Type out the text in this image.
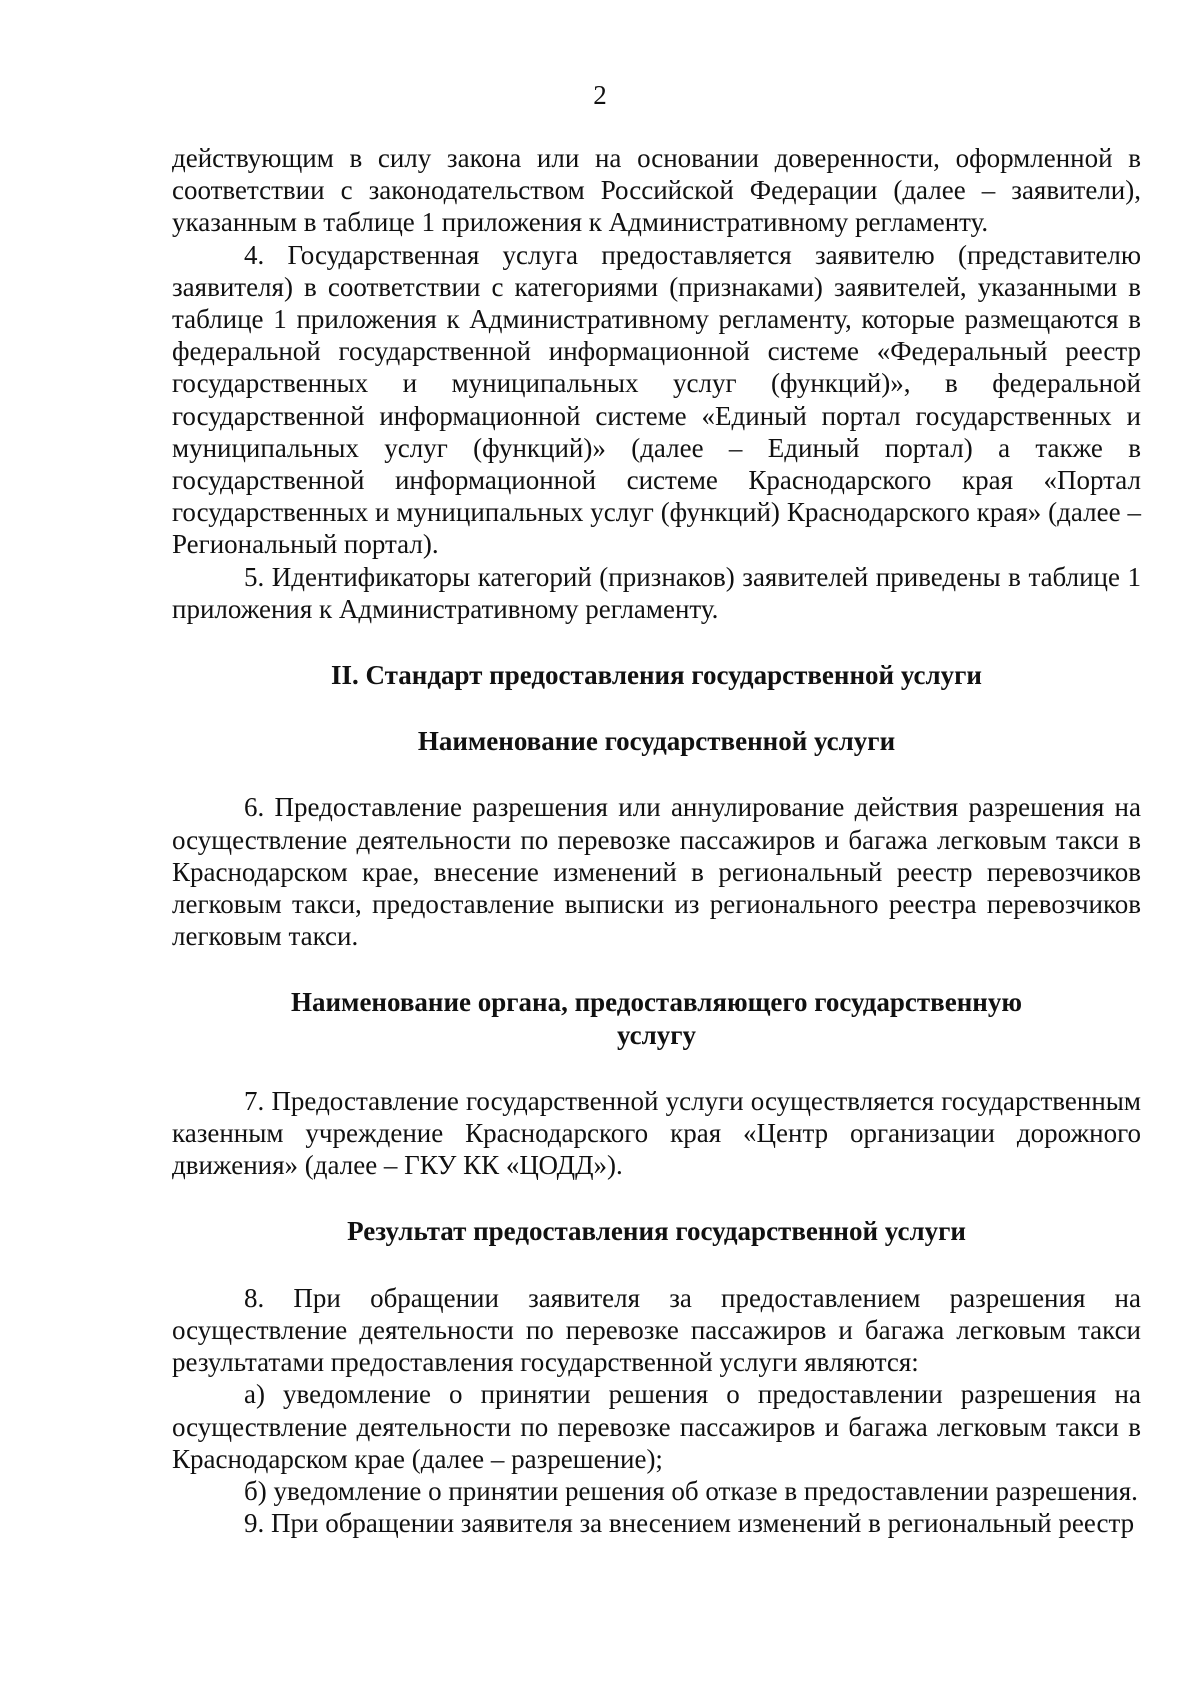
2

действующим в силу закона или на основании доверенности, оформленной в соответствии с законодательством Российской Федерации (далее – заявители), указанным в таблице 1 приложения к Административному регламенту.

4. Государственная услуга предоставляется заявителю (представителю заявителя) в соответствии с категориями (признаками) заявителей, указанными в таблице 1 приложения к Административному регламенту, которые размещаются в федеральной государственной информационной системе «Федеральный реестр государственных и муниципальных услуг (функций)», в федеральной государственной информационной системе «Единый портал государственных и муниципальных услуг (функций)» (далее – Единый портал) а также в государственной информационной системе Краснодарского края «Портал государственных и муниципальных услуг (функций) Краснодарского края» (далее – Региональный портал).

5. Идентификаторы категорий (признаков) заявителей приведены в таблице 1 приложения к Административному регламенту.

II. Стандарт предоставления государственной услуги

Наименование государственной услуги

6. Предоставление разрешения или аннулирование действия разрешения на осуществление деятельности по перевозке пассажиров и багажа легковым такси в Краснодарском крае, внесение изменений в региональный реестр перевозчиков легковым такси, предоставление выписки из регионального реестра перевозчиков легковым такси.

Наименование органа, предоставляющего государственную

услугу

7. Предоставление государственной услуги осуществляется государственным казенным учреждение Краснодарского края «Центр организации дорожного движения» (далее – ГКУ КК «ЦОДД»).

Результат предоставления государственной услуги

8. При обращении заявителя за предоставлением разрешения на осуществление деятельности по перевозке пассажиров и багажа легковым такси результатами предоставления государственной услуги являются:

а) уведомление о принятии решения о предоставлении разрешения на осуществление деятельности по перевозке пассажиров и багажа легковым такси в Краснодарском крае (далее – разрешение);

б) уведомление о принятии решения об отказе в предоставлении разрешения.

9. При обращении заявителя за внесением изменений в региональный реестр
